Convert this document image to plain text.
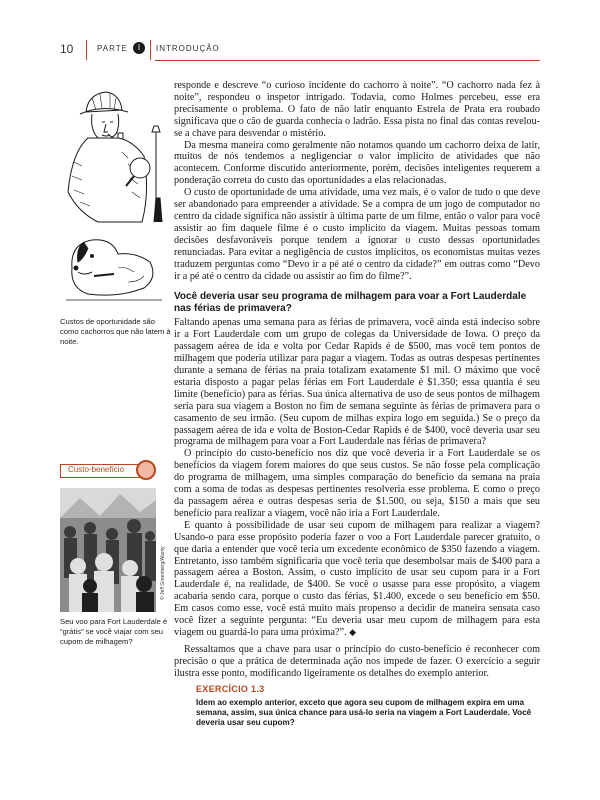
10	PARTE	I	INTRODUÇÃO
Custos de oportunidade são como cachorros que não latem à noite.
Custo-benefício
© Jeff Greenberg/Alamy
Seu voo para Fort Lauderdale é “grátis” se você viajar com seu cupom de milhagem?

responde e descreve “o curioso incidente do cachorro à noite”. “O cachorro nada fez à noite”, respondeu o inspetor intrigado. Todavia, como Holmes percebeu, esse era precisamente o problema. O fato de não latir enquanto Estrela de Prata era roubado significava que o cão de guarda conhecia o ladrão. Essa pista no final das contas revelou-se a chave para desvendar o mistério.

Da mesma maneira como geralmente não notamos quando um cachorro deixa de latir, muitos de nós tendemos a negligenciar o valor implícito de atividades que não acontecem. Conforme discutido anteriormente, porém, decisões inteligentes requerem a ponderação correta do custo das oportunidades a elas relacionadas.

O custo de oportunidade de uma atividade, uma vez mais, é o valor de tudo o que deve ser abandonado para empreender a atividade. Se a compra de um jogo de computador no centro da cidade significa não assistir à última parte de um filme, então o valor para você assistir ao fim daquele filme é o custo implícito da viagem. Muitas pessoas tomam decisões desfavoráveis porque tendem a ignorar o custo dessas oportunidades renunciadas. Para evitar a negligência de custos implícitos, os economistas muitas vezes traduzem perguntas como “Devo ir a pé até o centro da cidade?” em outras como “Devo ir a pé até o centro da cidade ou assistir ao fim do filme?”.

Você deveria usar seu programa de milhagem para voar a Fort Lauderdale nas férias de primavera?

Faltando apenas uma semana para as férias de primavera, você ainda está indeciso sobre ir a Fort Lauderdale com um grupo de colegas da Universidade de Iowa. O preço da passagem aérea de ida e volta por Cedar Rapids é de $500, mas você tem pontos de milhagem que poderia utilizar para pagar a viagem. Todas as outras despesas pertinentes durante a semana de férias na praia totalizam exatamente $1 mil. O máximo que você estaria disposto a pagar pelas férias em Fort Lauderdale é $1.350; essa quantia é seu limite (benefício) para as férias. Sua única alternativa de uso de seus pontos de milhagem seria para sua viagem a Boston no fim de semana seguinte às férias de primavera para o casamento de seu irmão. (Seu cupom de milhas expira logo em seguida.) Se o preço da passagem aérea de ida e volta de Boston-Cedar Rapids é de $400, você deveria usar seu programa de milhagem para voar a Fort Lauderdale nas férias de primavera?

O princípio do custo-benefício nos diz que você deveria ir a Fort Lauderdale se os benefícios da viagem forem maiores do que seus custos. Se não fosse pela complicação do programa de milhagem, uma simples comparação do benefício da semana na praia com a soma de todas as despesas pertinentes resolveria esse problema. E como o preço da passagem aérea e outras despesas seria de $1.500, ou seja, $150 a mais que seu benefício para realizar a viagem, você não iria a Fort Lauderdale.

E quanto à possibilidade de usar seu cupom de milhagem para realizar a viagem? Usando-o para esse propósito poderia fazer o voo a Fort Lauderdale parecer gratuito, o que daria a entender que você teria um excedente econômico de $350 fazendo a viagem. Entretanto, isso também significaria que você teria que desembolsar mais de $400 para a passagem aérea a Boston. Assim, o custo implícito de usar seu cupom para ir a Fort Lauderdale é, na realidade, de $400. Se você o usasse para esse propósito, a viagem acabaria sendo cara, porque o custo das férias, $1.400, excede o seu benefício em $50. Em casos como esse, você está muito mais propenso a decidir de maneira sensata caso você fizer a seguinte pergunta: “Eu deveria usar meu cupom de milhagem para esta viagem ou guardá-lo para uma próxima?”. ◆

Ressaltamos que a chave para usar o princípio do custo-benefício é reconhecer com precisão o que a prática de determinada ação nos impede de fazer. O exercício a seguir ilustra esse ponto, modificando ligeiramente os detalhes do exemplo anterior.

EXERCÍCIO 1.3
Idem ao exemplo anterior, exceto que agora seu cupom de milhagem expira em uma semana, assim, sua única chance para usá-lo seria na viagem a Fort Lauderdale. Você deveria usar seu cupom?
